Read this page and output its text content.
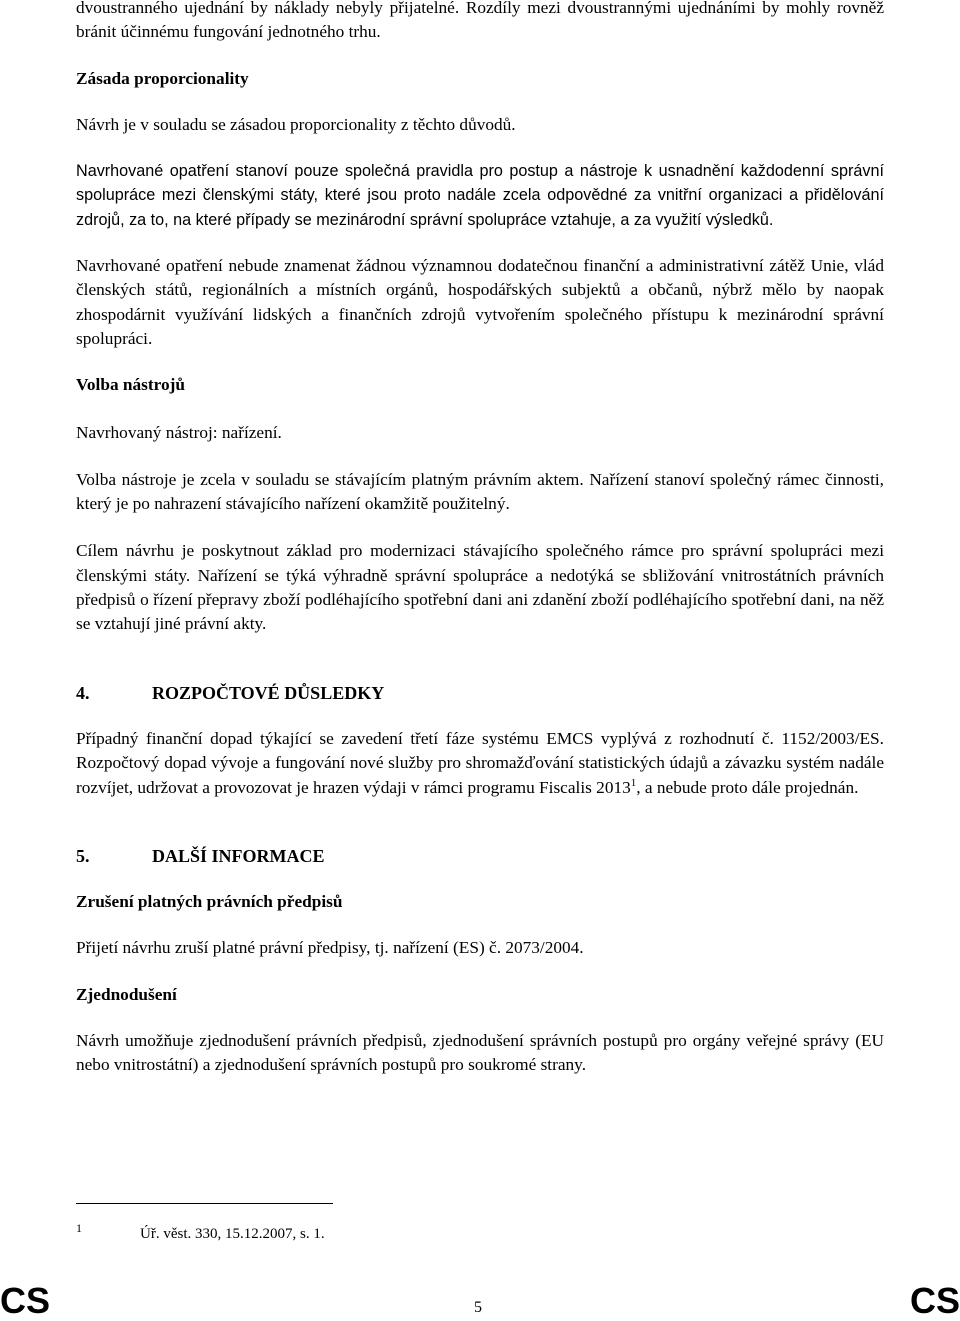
dvoustranného ujednání by náklady nebyly přijatelné. Rozdíly mezi dvoustrannými ujednáními by mohly rovněž bránit účinnému fungování jednotného trhu.

Zásada proporcionality

Návrh je v souladu se zásadou proporcionality z těchto důvodů.

Navrhované opatření stanoví pouze společná pravidla pro postup a nástroje k usnadnění každodenní správní spolupráce mezi členskými státy, které jsou proto nadále zcela odpovědné za vnitřní organizaci a přidělování zdrojů, za to, na které případy se mezinárodní správní spolupráce vztahuje, a za využití výsledků.

Navrhované opatření nebude znamenat žádnou významnou dodatečnou finanční a administrativní zátěž Unie, vlád členských států, regionálních a místních orgánů, hospodářských subjektů a občanů, nýbrž mělo by naopak zhospodárnit využívání lidských a finančních zdrojů vytvořením společného přístupu k mezinárodní správní spolupráci.

Volba nástrojů

Navrhovaný nástroj: nařízení.

Volba nástroje je zcela v souladu se stávajícím platným právním aktem. Nařízení stanoví společný rámec činnosti, který je po nahrazení stávajícího nařízení okamžitě použitelný.

Cílem návrhu je poskytnout základ pro modernizaci stávajícího společného rámce pro správní spolupráci mezi členskými státy. Nařízení se týká výhradně správní spolupráce a nedotýká se sbližování vnitrostátních právních předpisů o řízení přepravy zboží podléhajícího spotřební dani ani zdanění zboží podléhajícího spotřební dani, na něž se vztahují jiné právní akty.

4.	ROZPOČTOVÉ DŮSLEDKY

Případný finanční dopad týkající se zavedení třetí fáze systému EMCS vyplývá z rozhodnutí č. 1152/2003/ES. Rozpočtový dopad vývoje a fungování nové služby pro shromažďování statistických údajů a závazku systém nadále rozvíjet, udržovat a provozovat je hrazen výdaji v rámci programu Fiscalis 2013$^1$, a nebude proto dále projednán.

5.	DALŠÍ INFORMACE

Zrušení platných právních předpisů

Přijetí návrhu zruší platné právní předpisy, tj. nařízení (ES) č. 2073/2004.

Zjednodušení

Návrh umožňuje zjednodušení právních předpisů, zjednodušení správních postupů pro orgány veřejné správy (EU nebo vnitrostátní) a zjednodušení správních postupů pro soukromé strany.

1	Úř. věst. 330, 15.12.2007, s. 1.
CS	5	CS
